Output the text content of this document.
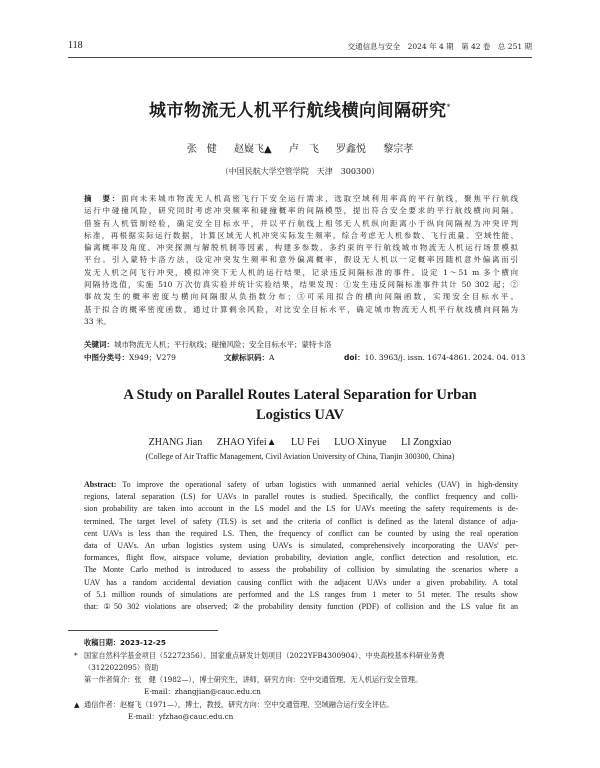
118	交通信息与安全　2024 年 4 期　第 42 卷　总 251 期
城市物流无人机平行航线横向间隔研究*
张　健 赵嶷飞▲ 卢　飞 罗鑫悦 黎宗孝
（中国民航大学空管学院　天津　300300）
摘　要：面向未来城市物流无人机高密飞行下安全运行需求，选取空域利用率高的平行航线，聚焦平行航线
运行中碰撞风险，研究同时考虑冲突频率和碰撞概率的间隔模型，提出符合安全要求的平行航线横向间隔。
借鉴有人机管制经验，确定安全目标水平，并以平行航线上相邻无人机纵向距离小于纵向间隔视为冲突评判
标准，再根据实际运行数据，计算区域无人机冲突实际发生频率。综合考虑无人机参数、飞行流量、空域性能、
偏离概率及角度、冲突探测与解脱机制等因素，构建多参数、多约束的平行航线城市物流无人机运行场景模拟
平台。引入蒙特卡洛方法，设定冲突发生频率和意外偏离概率，假设无人机以一定概率因随机意外偏离而引
发无人机之间飞行冲突，模拟冲突下无人机的运行结果，记录违反间隔标准的事件。设定 1～51 m 多个横向
间隔待选值，实施 510 万次仿真实验并统计实验结果，结果发现：①发生违反间隔标准事件共计 50 302 起；②
事故发生的概率密度与横向间隔服从负指数分布；③可采用拟合的横向间隔函数，实现安全目标水平。
基于拟合的概率密度函数，通过计算剩余风险，对比安全目标水平，确定城市物流无人机平行航线横向间隔为
33 米。
关键词：城市物流无人机；平行航线；碰撞风险；安全目标水平；蒙特卡洛
中图分类号：X949；V279	文献标识码：A	doi：10. 3963/j. issn. 1674-4861. 2024. 04. 013
A Study on Parallel Routes Lateral Separation for Urban
Logistics UAV
ZHANG Jian ZHAO Yifei▲ LU Fei LUO Xinyue LI Zongxiao
(College of Air Traffic Management, Civil Aviation University of China, Tianjin 300300, China)
Abstract: To improve the operational safety of urban logistics with unmanned aerial vehicles (UAV) in high-density
regions, lateral separation (LS) for UAVs in parallel routes is studied. Specifically, the conflict frequency and colli-
sion probability are taken into account in the LS model and the LS for UAVs meeting the safety requirements is de-
termined. The target level of safety (TLS) is set and the criteria of conflict is defined as the lateral distance of adja-
cent UAVs is less than the required LS. Then, the frequency of conflict can be counted by using the real operation
data of UAVs. An urban logistics system using UAVs is simulated, comprehensively incorporating the UAVs' per-
formances, flight flow, airspace volume, deviation probability, deviation angle, conflict detection and resolution, etc.
The Monte Carlo method is introduced to assess the probability of collision by simulating the scenarios where a
UAV has a random accidental deviation causing conflict with the adjacent UAVs under a given probability. A total
of 5.1 million rounds of simulations are performed and the LS ranges from 1 meter to 51 meter. The results show
that: ①50 302 violations are observed; ②the probability density function (PDF) of collision and the LS value fit an
收稿日期：2023-12-25
* 国家自然科学基金项目（52272356）、国家重点研发计划项目（2022YFB4300904）、中央高校基本科研业务费
（3122022095）资助
第一作者简介：张　健（1982—），博士研究生，讲师，研究方向：空中交通管理、无人机运行安全管理。
E-mail：zhangjian@cauc.edu.cn
▲ 通信作者：赵嶷飞（1971—），博士，教授，研究方向：空中交通管理、空域融合运行安全评估。
E-mail：yfzhao@cauc.edu.cn
